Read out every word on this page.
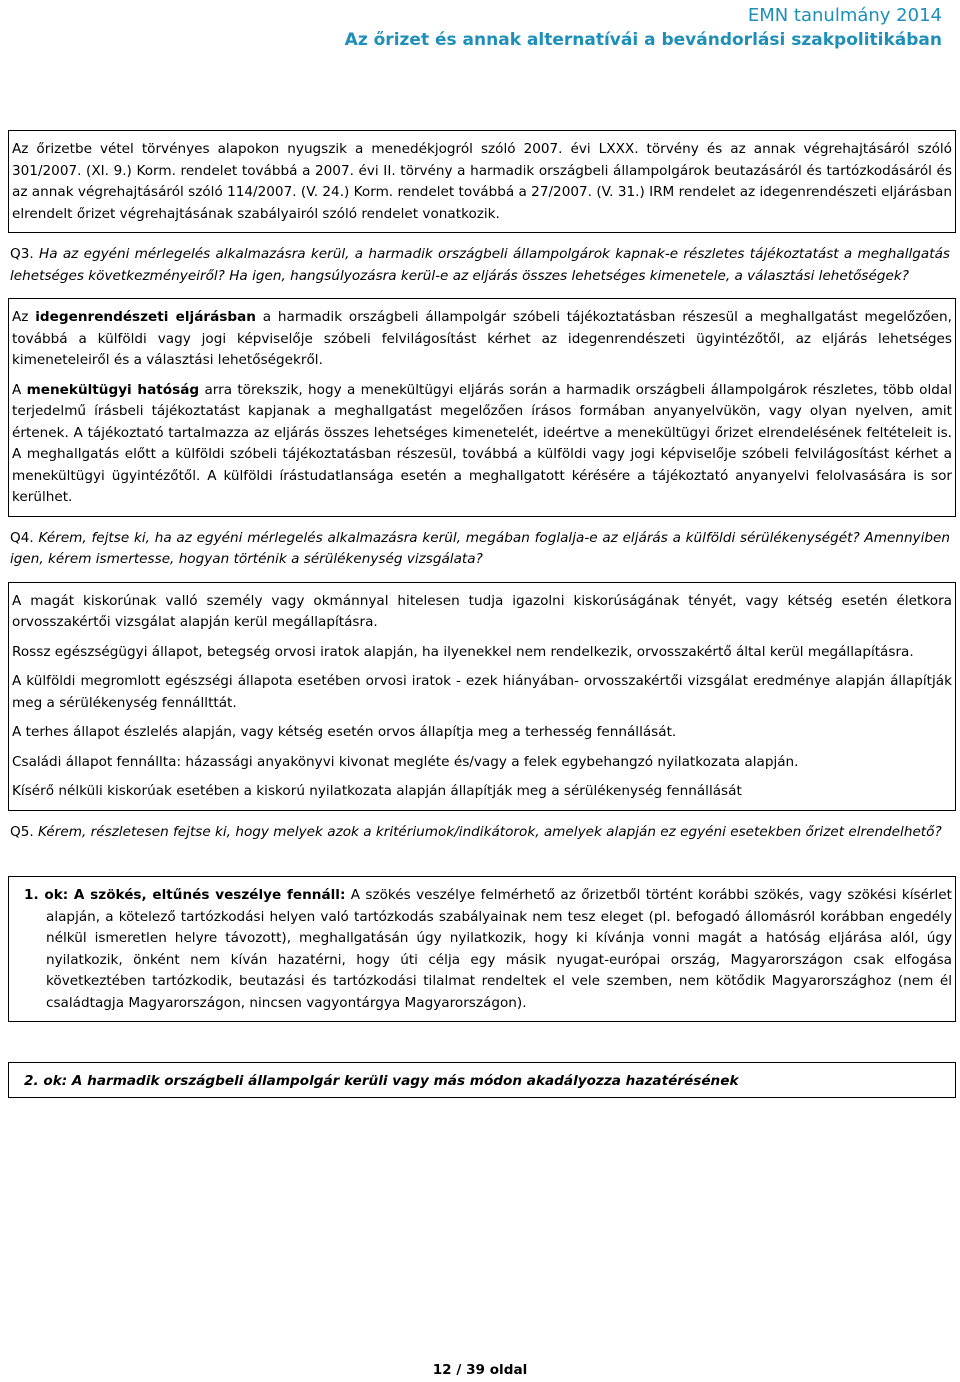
EMN tanulmány 2014
Az őrizet és annak alternatívái a bevándorlási szakpolitikában

Az őrizetbe vétel törvényes alapokon nyugszik a menedékjogról szóló 2007. évi LXXX. törvény és az annak végrehajtásáról szóló 301/2007. (XI. 9.) Korm. rendelet továbbá a 2007. évi II. törvény a harmadik országbeli állampolgárok beutazásáról és tartózkodásáról és az annak végrehajtásáról szóló 114/2007. (V. 24.) Korm. rendelet továbbá a 27/2007. (V. 31.) IRM rendelet az idegenrendészeti eljárásban elrendelt őrizet végrehajtásának szabályairól szóló rendelet vonatkozik.

Q3. Ha az egyéni mérlegelés alkalmazásra kerül, a harmadik országbeli állampolgárok kapnak-e részletes tájékoztatást a meghallgatás lehetséges következményeiről? Ha igen, hangsúlyozásra kerül-e az eljárás összes lehetséges kimenetele, a választási lehetőségek?

Az idegenrendészeti eljárásban a harmadik országbeli állampolgár szóbeli tájékoztatásban részesül a meghallgatást megelőzően, továbbá a külföldi vagy jogi képviselője szóbeli felvilágosítást kérhet az idegenrendészeti ügyintézőtől, az eljárás lehetséges kimeneteleiről és a választási lehetőségekről.

A menekültügyi hatóság arra törekszik, hogy a menekültügyi eljárás során a harmadik országbeli állampolgárok részletes, több oldal terjedelmű írásbeli tájékoztatást kapjanak a meghallgatást megelőzően írásos formában anyanyelvükön, vagy olyan nyelven, amit értenek. A tájékoztató tartalmazza az eljárás összes lehetséges kimenetelét, ideértve a menekültügyi őrizet elrendelésének feltételeit is. A meghallgatás előtt a külföldi szóbeli tájékoztatásban részesül, továbbá a külföldi vagy jogi képviselője szóbeli felvilágosítást kérhet a menekültügyi ügyintézőtől. A külföldi írástudatlansága esetén a meghallgatott kérésére a tájékoztató anyanyelvi felolvasására is sor kerülhet.

Q4. Kérem, fejtse ki, ha az egyéni mérlegelés alkalmazásra kerül, megában foglalja-e az eljárás a külföldi sérülékenységét? Amennyiben igen, kérem ismertesse, hogyan történik a sérülékenység vizsgálata?

A magát kiskorúnak valló személy vagy okmánnyal hitelesen tudja igazolni kiskorúságának tényét, vagy kétség esetén életkora orvosszakértői vizsgálat alapján kerül megállapításra.

Rossz egészségügyi állapot, betegség orvosi iratok alapján, ha ilyenekkel nem rendelkezik, orvosszakértő által kerül megállapításra.

A külföldi megromlott egészségi állapota esetében orvosi iratok - ezek hiányában- orvosszakértői vizsgálat eredménye alapján állapítják meg a sérülékenység fennállttát.

A terhes állapot észlelés alapján, vagy kétség esetén orvos állapítja meg a terhesség fennállását.

Családi állapot fennállta: házassági anyakönyvi kivonat megléte és/vagy a felek egybehangzó nyilatkozata alapján.

Kísérő nélküli kiskorúak esetében a kiskorú nyilatkozata alapján állapítják meg a sérülékenység fennállását

Q5. Kérem, részletesen fejtse ki, hogy melyek azok a kritériumok/indikátorok, amelyek alapján ez egyéni esetekben őrizet elrendelhető?
1. ok: A szökés, eltűnés veszélye fennáll: A szökés veszélye felmérhető az őrizetből történt korábbi szökés, vagy szökési kísérlet alapján, a kötelező tartózkodási helyen való tartózkodás szabályainak nem tesz eleget (pl. befogadó állomásról korábban engedély nélkül ismeretlen helyre távozott), meghallgatásán úgy nyilatkozik, hogy ki kívánja vonni magát a hatóság eljárása alól, úgy nyilatkozik, önként nem kíván hazatérni, hogy úti célja egy másik nyugat-európai ország, Magyarországon csak elfogása következtében tartózkodik, beutazási és tartózkodási tilalmat rendeltek el vele szemben, nem kötődik Magyarországhoz (nem él családtagja Magyarországon, nincsen vagyontárgya Magyarországon).
2. ok: A harmadik országbeli állampolgár kerüli vagy más módon akadályozza hazatérésének
12 / 39 oldal
